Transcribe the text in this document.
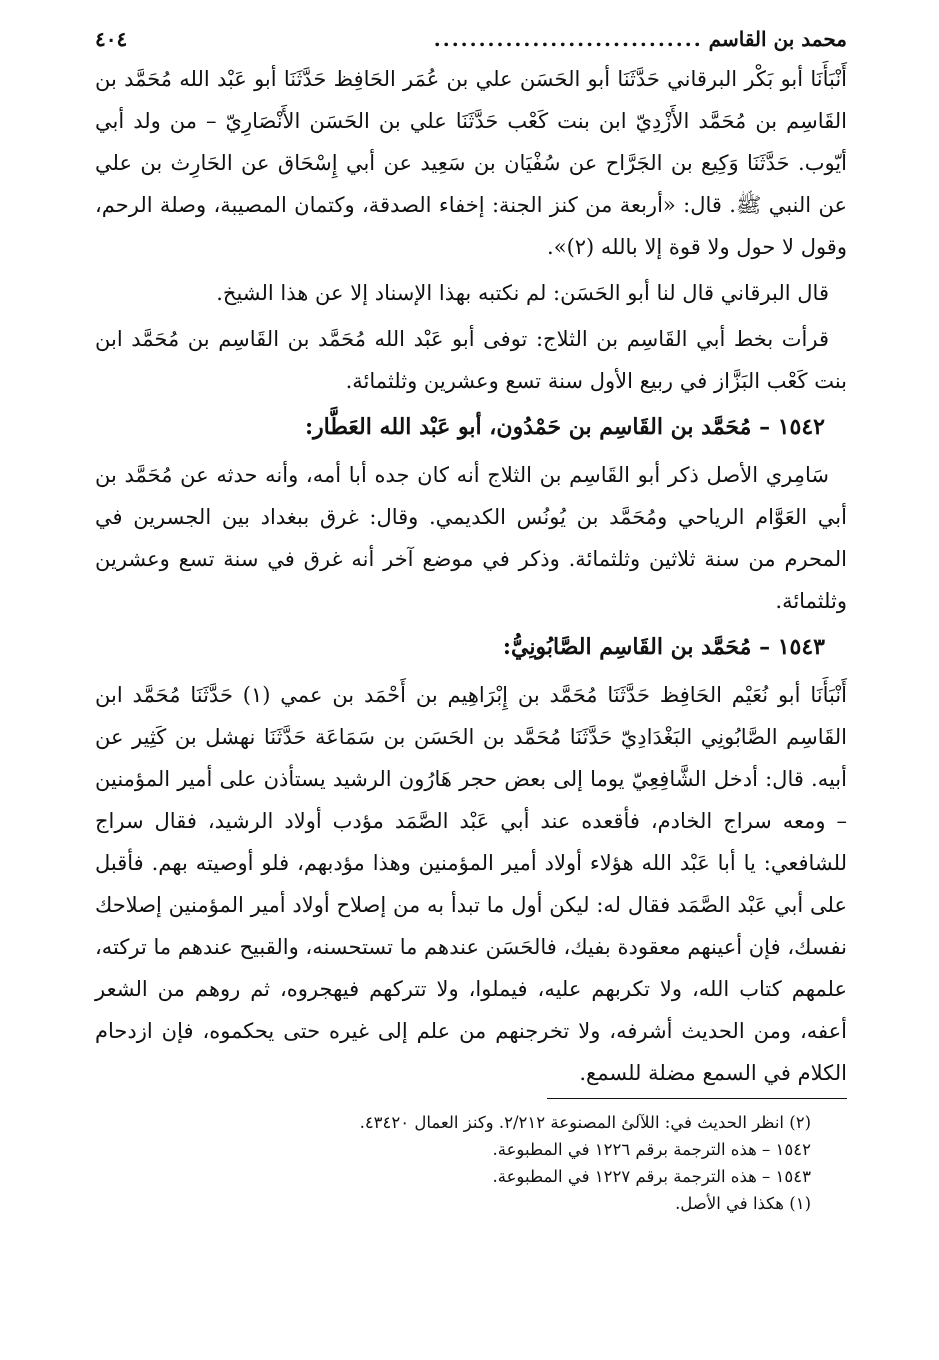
محمد بن القاسم
..............................
٤٠٤

أَنْبَأَنَا أبو بَكْر البرقاني حَدَّثَنَا أبو الحَسَن علي بن عُمَر الحَافِظ حَدَّثَنَا أبو عَبْد الله مُحَمَّد بن القَاسِم بن مُحَمَّد الأَزْدِيّ ابن بنت كَعْب حَدَّثَنَا علي بن الحَسَن الأَنْصَارِيّ – من ولد أبي أيّوب. حَدَّثَنَا وَكِيع بن الجَرَّاح عن سُفْيَان بن سَعِيد عن أبي إِسْحَاق عن الحَارِث بن علي عن النبي ﷺ. قال: «أربعة من كنز الجنة: إخفاء الصدقة، وكتمان المصيبة، وصلة الرحم، وقول لا حول ولا قوة إلا بالله (٢)».

قال البرقاني قال لنا أبو الحَسَن: لم نكتبه بهذا الإسناد إلا عن هذا الشيخ.

قرأت بخط أبي القَاسِم بن الثلاج: توفى أبو عَبْد الله مُحَمَّد بن القَاسِم بن مُحَمَّد ابن بنت كَعْب البَزَّاز في ربيع الأول سنة تسع وعشرين وثلثمائة.

١٥٤٢ – مُحَمَّد بن القَاسِم بن حَمْدُون، أبو عَبْد الله العَطَّار:

سَامِري الأصل ذكر أبو القَاسِم بن الثلاج أنه كان جده أبا أمه، وأنه حدثه عن مُحَمَّد بن أبي العَوَّام الرياحي ومُحَمَّد بن يُونُس الكديمي. وقال: غرق ببغداد بين الجسرين في المحرم من سنة ثلاثين وثلثمائة. وذكر في موضع آخر أنه غرق في سنة تسع وعشرين وثلثمائة.

١٥٤٣ – مُحَمَّد بن القَاسِم الصَّابُونِيُّ:

أَنْبَأَنَا أبو نُعَيْم الحَافِظ حَدَّثَنَا مُحَمَّد بن إِبْرَاهِيم بن أَحْمَد بن عمي (١) حَدَّثَنَا مُحَمَّد ابن القَاسِم الصَّابُونِي البَغْدَادِيّ حَدَّثَنَا مُحَمَّد بن الحَسَن بن سَمَاعَة حَدَّثَنَا نهشل بن كَثِير عن أبيه. قال: أدخل الشَّافِعِيّ يوما إلى بعض حجر هَارُون الرشيد يستأذن على أمير المؤمنين – ومعه سراج الخادم، فأقعده عند أبي عَبْد الصَّمَد مؤدب أولاد الرشيد، فقال سراج للشافعي: يا أبا عَبْد الله هؤلاء أولاد أمير المؤمنين وهذا مؤدبهم، فلو أوصيته بهم. فأقبل على أبي عَبْد الصَّمَد فقال له: ليكن أول ما تبدأ به من إصلاح أولاد أمير المؤمنين إصلاحك نفسك، فإن أعينهم معقودة بفيك، فالحَسَن عندهم ما تستحسنه، والقبيح عندهم ما تركته، علمهم كتاب الله، ولا تكربهم عليه، فيملوا، ولا تتركهم فيهجروه، ثم روهم من الشعر أعفه، ومن الحديث أشرفه، ولا تخرجنهم من علم إلى غيره حتى يحكموه، فإن ازدحام الكلام في السمع مضلة للسمع.

(٢) انظر الحديث في: اللآلئ المصنوعة ٢/٢١٢. وكنز العمال ٤٣٤٢٠.
١٥٤٢ – هذه الترجمة برقم ١٢٢٦ في المطبوعة.
١٥٤٣ – هذه الترجمة برقم ١٢٢٧ في المطبوعة.
(١) هكذا في الأصل.
